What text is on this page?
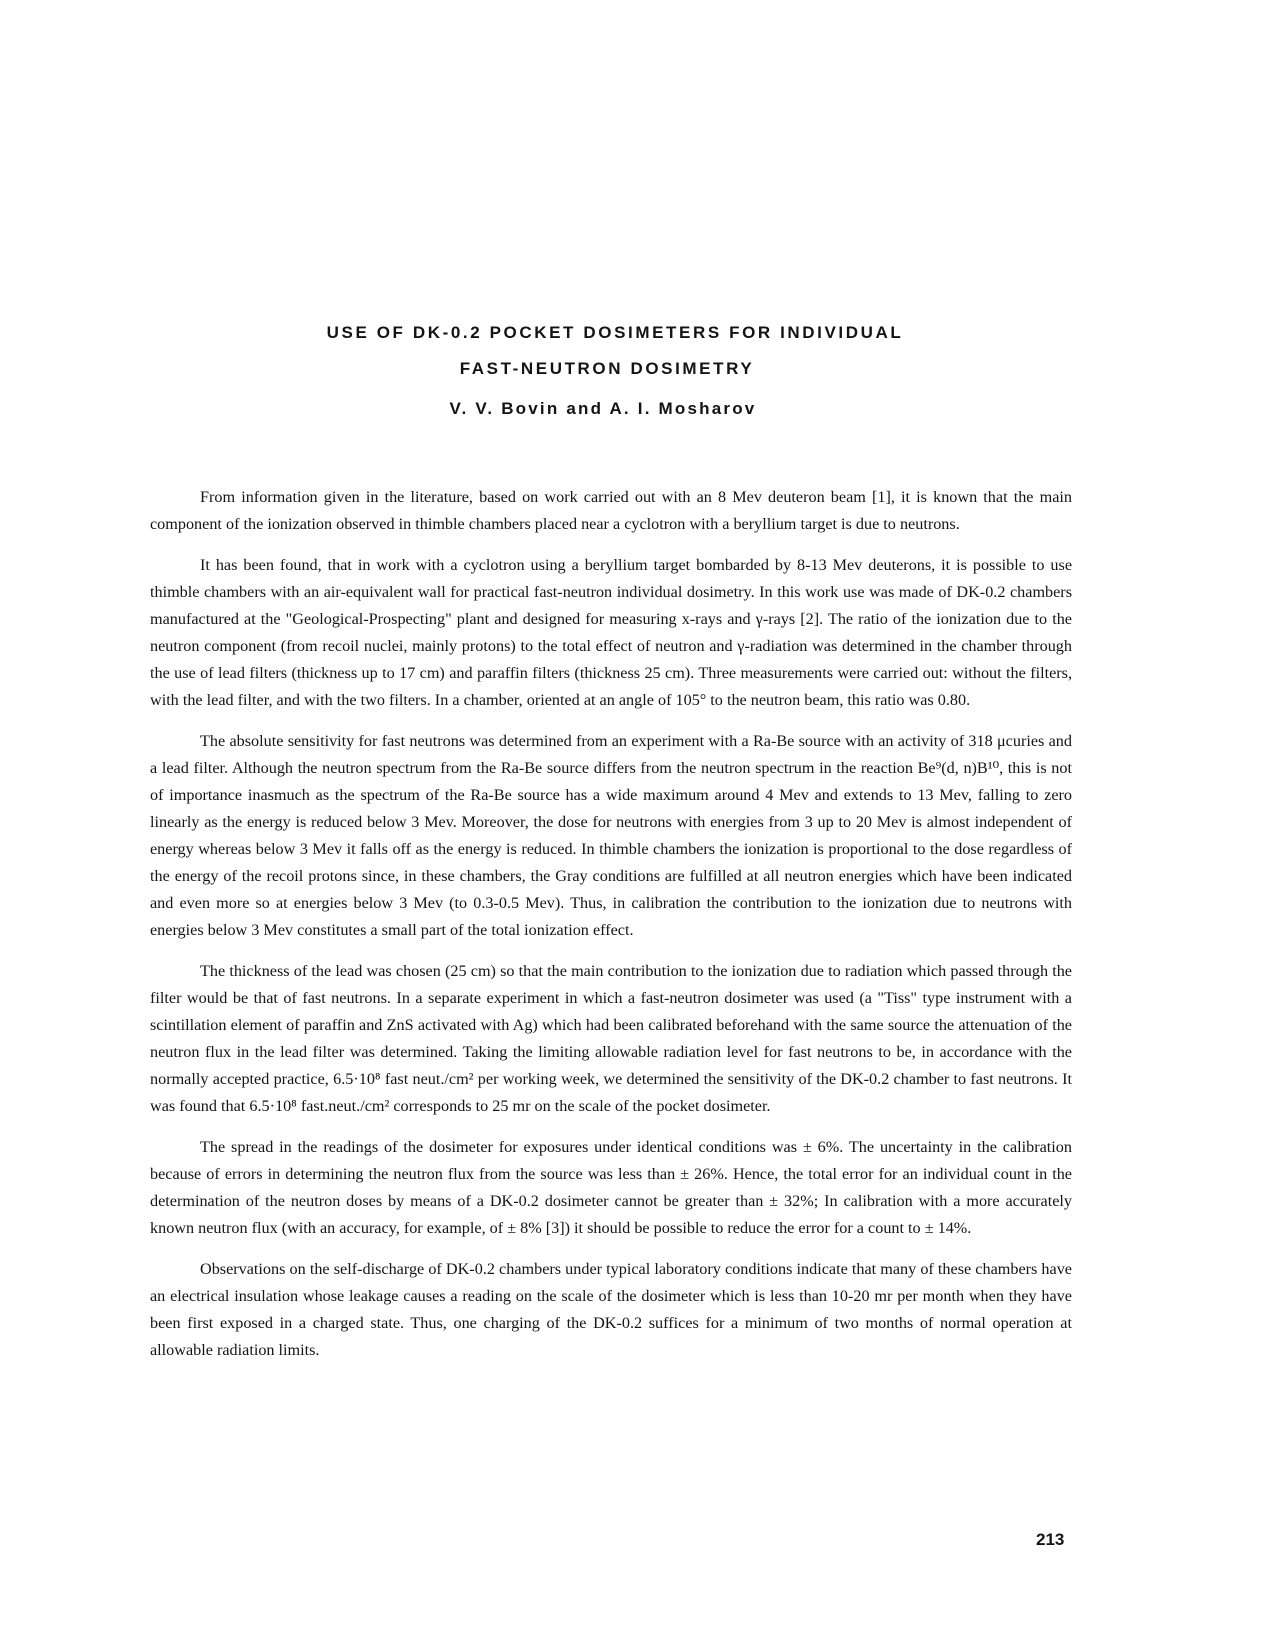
USE OF DK-0.2 POCKET DOSIMETERS FOR INDIVIDUAL
FAST-NEUTRON DOSIMETRY
V. V. Bovin and A. I. Mosharov

From information given in the literature, based on work carried out with an 8 Mev deuteron beam [1], it is known that the main component of the ionization observed in thimble chambers placed near a cyclotron with a beryllium target is due to neutrons.

It has been found, that in work with a cyclotron using a beryllium target bombarded by 8-13 Mev deuterons, it is possible to use thimble chambers with an air-equivalent wall for practical fast-neutron individual dosimetry. In this work use was made of DK-0.2 chambers manufactured at the "Geological-Prospecting" plant and designed for measuring x-rays and γ-rays [2]. The ratio of the ionization due to the neutron component (from recoil nuclei, mainly protons) to the total effect of neutron and γ-radiation was determined in the chamber through the use of lead filters (thickness up to 17 cm) and paraffin filters (thickness 25 cm). Three measurements were carried out: without the filters, with the lead filter, and with the two filters. In a chamber, oriented at an angle of 105° to the neutron beam, this ratio was 0.80.

The absolute sensitivity for fast neutrons was determined from an experiment with a Ra-Be source with an activity of 318 μcuries and a lead filter. Although the neutron spectrum from the Ra-Be source differs from the neutron spectrum in the reaction Be⁹(d, n)B¹⁰, this is not of importance inasmuch as the spectrum of the Ra-Be source has a wide maximum around 4 Mev and extends to 13 Mev, falling to zero linearly as the energy is reduced below 3 Mev. Moreover, the dose for neutrons with energies from 3 up to 20 Mev is almost independent of energy whereas below 3 Mev it falls off as the energy is reduced. In thimble chambers the ionization is proportional to the dose regardless of the energy of the recoil protons since, in these chambers, the Gray conditions are fulfilled at all neutron energies which have been indicated and even more so at energies below 3 Mev (to 0.3-0.5 Mev). Thus, in calibration the contribution to the ionization due to neutrons with energies below 3 Mev constitutes a small part of the total ionization effect.

The thickness of the lead was chosen (25 cm) so that the main contribution to the ionization due to radiation which passed through the filter would be that of fast neutrons. In a separate experiment in which a fast-neutron dosimeter was used (a "Tiss" type instrument with a scintillation element of paraffin and ZnS activated with Ag) which had been calibrated beforehand with the same source the attenuation of the neutron flux in the lead filter was determined. Taking the limiting allowable radiation level for fast neutrons to be, in accordance with the normally accepted practice, 6.5·10⁸ fast neut./cm² per working week, we determined the sensitivity of the DK-0.2 chamber to fast neutrons. It was found that 6.5·10⁸ fast.neut./cm² corresponds to 25 mr on the scale of the pocket dosimeter.

The spread in the readings of the dosimeter for exposures under identical conditions was ± 6%. The uncertainty in the calibration because of errors in determining the neutron flux from the source was less than ± 26%. Hence, the total error for an individual count in the determination of the neutron doses by means of a DK-0.2 dosimeter cannot be greater than ± 32%; In calibration with a more accurately known neutron flux (with an accuracy, for example, of ± 8% [3]) it should be possible to reduce the error for a count to ± 14%.

Observations on the self-discharge of DK-0.2 chambers under typical laboratory conditions indicate that many of these chambers have an electrical insulation whose leakage causes a reading on the scale of the dosimeter which is less than 10-20 mr per month when they have been first exposed in a charged state. Thus, one charging of the DK-0.2 suffices for a minimum of two months of normal operation at allowable radiation limits.

213
